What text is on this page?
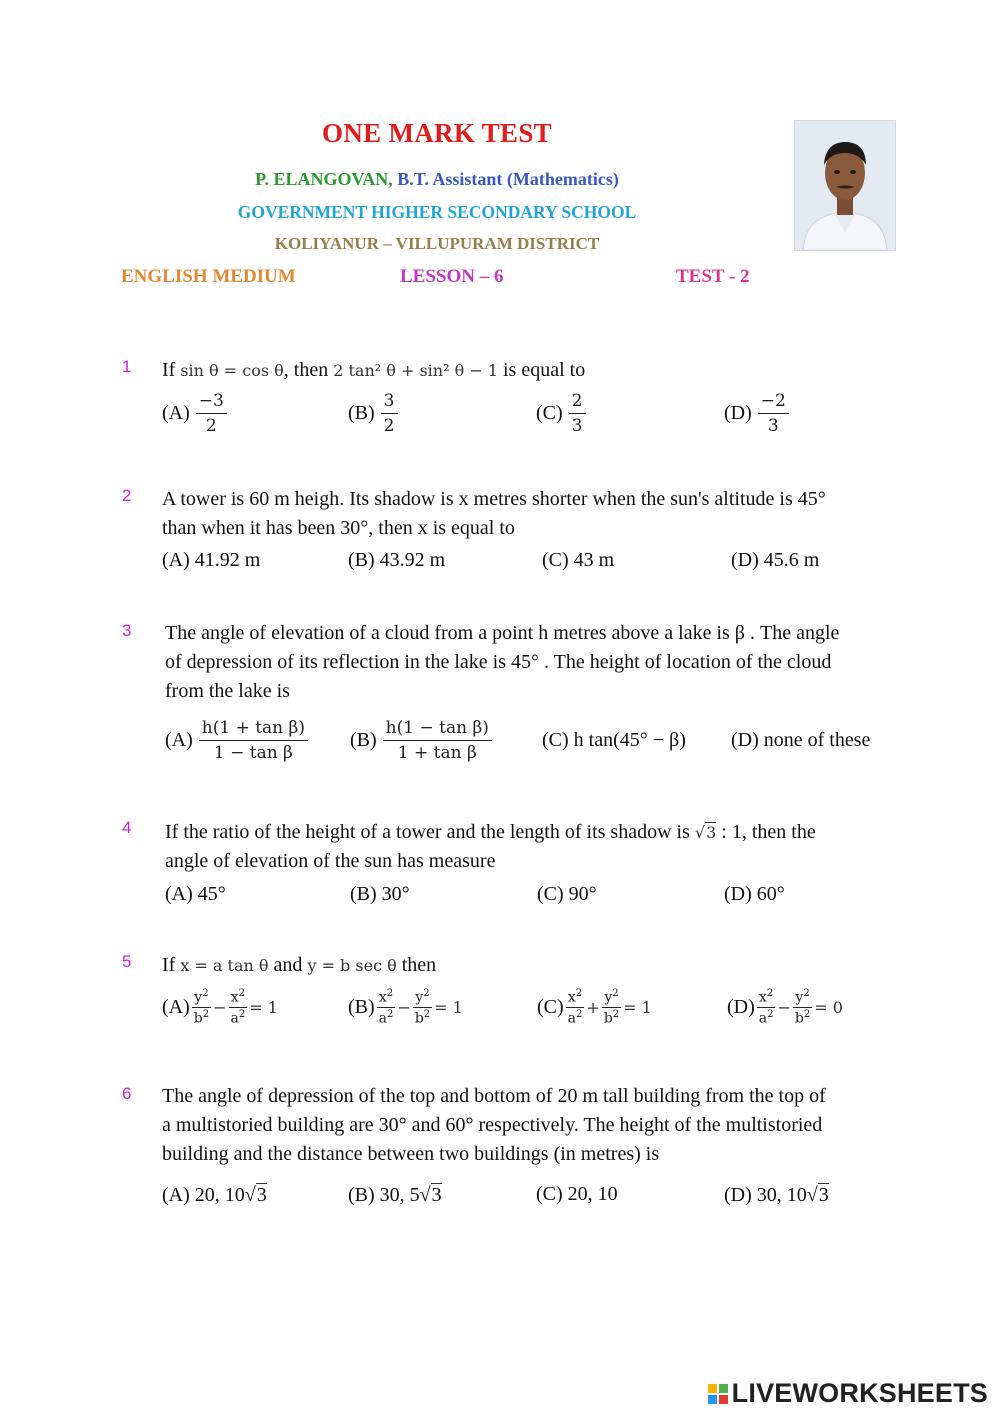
ONE MARK TEST
P. ELANGOVAN, B.T. Assistant (Mathematics)
GOVERNMENT HIGHER SECONDARY SCHOOL
KOLIYANUR – VILLUPURAM DISTRICT
ENGLISH MEDIUM	LESSON – 6	TEST - 2
1 If sin θ = cos θ, then 2 tan² θ + sin² θ − 1 is equal to
$(A) \frac{-3}{2}$	$(B) \frac{3}{2}$	$(C) \frac{2}{3}$	$(D) \frac{-2}{3}$
2 A tower is 60 m heigh. Its shadow is x metres shorter when the sun's altitude is 45°
than when it has been 30°, then x is equal to
(A) 41.92 m	(B) 43.92 m	(C) 43 m	(D) 45.6 m
3 The angle of elevation of a cloud from a point h metres above a lake is β . The angle
of depression of its reflection in the lake is 45° . The height of location of the cloud
from the lake is
$(A) \frac{\text{h(1 + tan β)}}{\text{1 − tan β}} (B) \frac{\text{h(1 − tan β)}}{\text{1 + tan β}}$	(C) h tan(45° − β) (D) none of these
4 If the ratio of the height of a tower and the length of its shadow is √3 : 1, then the
angle of elevation of the sun has measure
(A) 45°	(B) 30°	(C) 90°	(D) 60°
5 If x = a tan θ and y = b sec θ then
$(A) \frac{y^2}{b^2} - \frac{x^2}{a^2} = 1$	$(B) \frac{x^2}{a^2} - \frac{y^2}{b^2} = 1$	$(C) \frac{x^2}{a^2} + \frac{y^2}{b^2} = 1$	$(D) \frac{x^2}{a^2} - \frac{y^2}{b^2} = 0$
6 The angle of depression of the top and bottom of 20 m tall building from the top of
a multistoried building are 30° and 60° respectively. The height of the multistoried
building and the distance between two buildings (in metres) is
(A) 20, 10 √ 3	(B) 30, 5 √ 3	(C) 20, 10	(D) 30, 10 √ 3
LIVEWORKSHEETS
